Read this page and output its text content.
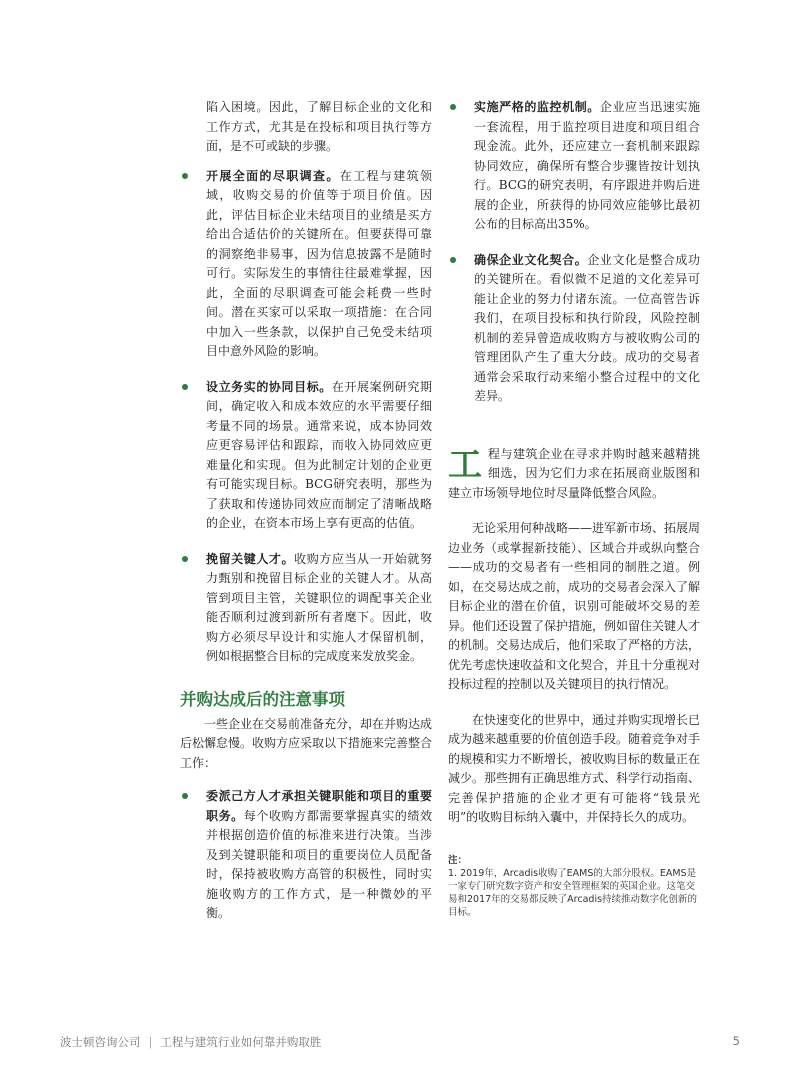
陷入困境。因此，了解目标企业的文化和工作方式，尤其是在投标和项目执行等方面，是不可或缺的步骤。

开展全面的尽职调查。在工程与建筑领域，收购交易的价值等于项目价值。因此，评估目标企业未结项目的业绩是买方给出合适估价的关键所在。但要获得可靠的洞察绝非易事，因为信息披露不是随时可行。实际发生的事情往往最难掌握，因此，全面的尽职调查可能会耗费一些时间。潜在买家可以采取一项措施：在合同中加入一些条款，以保护自己免受未结项目中意外风险的影响。
设立务实的协同目标。在开展案例研究期间，确定收入和成本效应的水平需要仔细考量不同的场景。通常来说，成本协同效应更容易评估和跟踪，而收入协同效应更难量化和实现。但为此制定计划的企业更有可能实现目标。BCG研究表明，那些为了获取和传递协同效应而制定了清晰战略的企业，在资本市场上享有更高的估值。
挽留关键人才。收购方应当从一开始就努力甄别和挽留目标企业的关键人才。从高管到项目主管，关键职位的调配事关企业能否顺利过渡到新所有者麾下。因此，收购方必须尽早设计和实施人才保留机制，例如根据整合目标的完成度来发放奖金。
并购达成后的注意事项

一些企业在交易前准备充分，却在并购达成后松懈怠慢。收购方应采取以下措施来完善整合工作：

委派己方人才承担关键职能和项目的重要职务。每个收购方都需要掌握真实的绩效并根据创造价值的标准来进行决策。当涉及到关键职能和项目的重要岗位人员配备时，保持被收购方高管的积极性，同时实施收购方的工作方式，是一种微妙的平衡。
实施严格的监控机制。企业应当迅速实施一套流程，用于监控项目进度和项目组合现金流。此外，还应建立一套机制来跟踪协同效应，确保所有整合步骤皆按计划执行。BCG的研究表明，有序跟进并购后进展的企业，所获得的协同效应能够比最初公布的目标高出35%。
确保企业文化契合。企业文化是整合成功的关键所在。看似微不足道的文化差异可能让企业的努力付诸东流。一位高管告诉我们，在项目投标和执行阶段，风险控制机制的差异曾造成收购方与被收购公司的管理团队产生了重大分歧。成功的交易者通常会采取行动来缩小整合过程中的文化差异。
工程与建筑企业在寻求并购时越来越精挑细选，因为它们力求在拓展商业版图和建立市场领导地位时尽量降低整合风险。

无论采用何种战略——进军新市场、拓展周边业务（或掌握新技能）、区域合并或纵向整合——成功的交易者有一些相同的制胜之道。例如，在交易达成之前，成功的交易者会深入了解目标企业的潜在价值，识别可能破坏交易的差异。他们还设置了保护措施，例如留住关键人才的机制。交易达成后，他们采取了严格的方法，优先考虑快速收益和文化契合，并且十分重视对投标过程的控制以及关键项目的执行情况。

在快速变化的世界中，通过并购实现增长已成为越来越重要的价值创造手段。随着竞争对手的规模和实力不断增长，被收购目标的数量正在减少。那些拥有正确思维方式、科学行动指南、完善保护措施的企业才更有可能将“钱景光明”的收购目标纳入囊中，并保持长久的成功。

注：
1. 2019年，Arcadis收购了EAMS的大部分股权。EAMS是一家专门研究数字资产和安全管理框架的英国企业。这笔交易和2017年的交易都反映了Arcadis持续推动数字化创新的目标。
波士顿咨询公司 | 工程与建筑行业如何靠并购取胜	5
